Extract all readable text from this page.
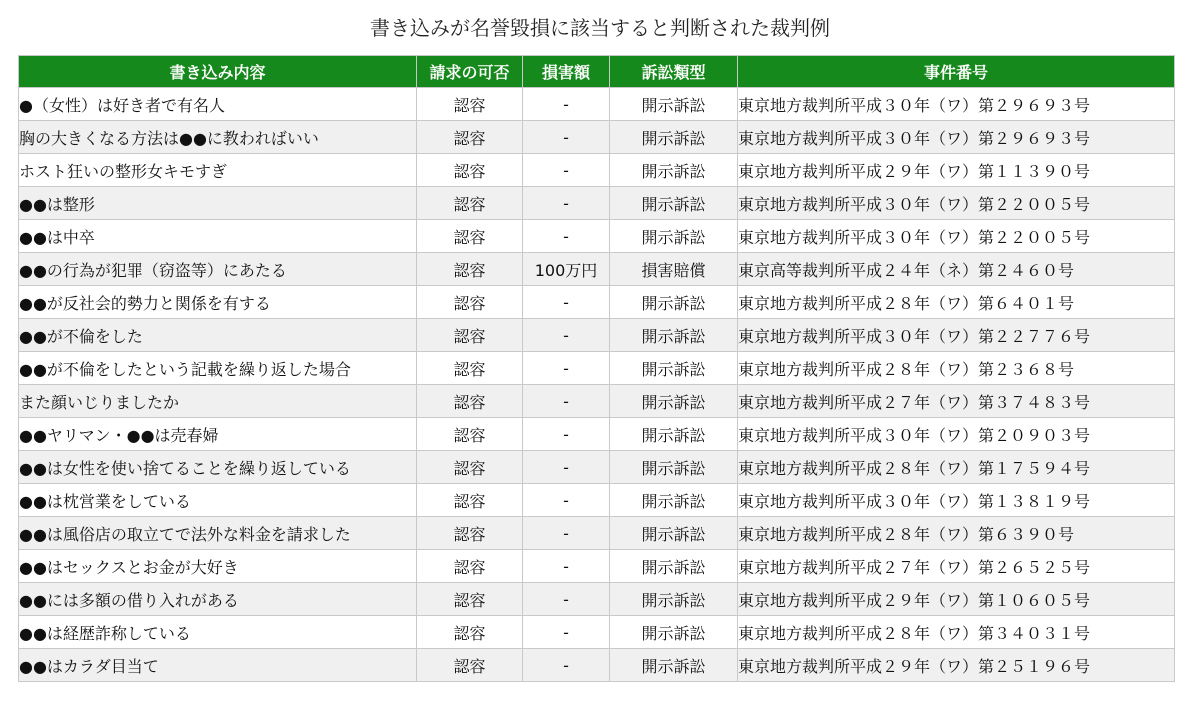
書き込みが名誉毀損に該当すると判断された裁判例
書き込み内容	請求の可否	損害額	訴訟類型	事件番号
●（女性）は好き者で有名人	認容	-	開示訴訟	東京地方裁判所平成３０年（ワ）第２９６９３号
胸の大きくなる方法は●●に教わればいい	認容	-	開示訴訟	東京地方裁判所平成３０年（ワ）第２９６９３号
ホスト狂いの整形女キモすぎ	認容	-	開示訴訟	東京地方裁判所平成２９年（ワ）第１１３９０号
●●は整形	認容	-	開示訴訟	東京地方裁判所平成３０年（ワ）第２２００５号
●●は中卒	認容	-	開示訴訟	東京地方裁判所平成３０年（ワ）第２２００５号
●●の行為が犯罪（窃盗等）にあたる	認容	100万円	損害賠償	東京高等裁判所平成２４年（ネ）第２４６０号
●●が反社会的勢力と関係を有する	認容	-	開示訴訟	東京地方裁判所平成２８年（ワ）第６４０１号
●●が不倫をした	認容	-	開示訴訟	東京地方裁判所平成３０年（ワ）第２２７７６号
●●が不倫をしたという記載を繰り返した場合	認容	-	開示訴訟	東京地方裁判所平成２８年（ワ）第２３６８号
また顔いじりましたか	認容	-	開示訴訟	東京地方裁判所平成２７年（ワ）第３７４８３号
●●ヤリマン・●●は売春婦	認容	-	開示訴訟	東京地方裁判所平成３０年（ワ）第２０９０３号
●●は女性を使い捨てることを繰り返している	認容	-	開示訴訟	東京地方裁判所平成２８年（ワ）第１７５９４号
●●は枕営業をしている	認容	-	開示訴訟	東京地方裁判所平成３０年（ワ）第１３８１９号
●●は風俗店の取立てで法外な料金を請求した	認容	-	開示訴訟	東京地方裁判所平成２８年（ワ）第６３９０号
●●はセックスとお金が大好き	認容	-	開示訴訟	東京地方裁判所平成２７年（ワ）第２６５２５号
●●には多額の借り入れがある	認容	-	開示訴訟	東京地方裁判所平成２９年（ワ）第１０６０５号
●●は経歴詐称している	認容	-	開示訴訟	東京地方裁判所平成２８年（ワ）第３４０３１号
●●はカラダ目当て	認容	-	開示訴訟	東京地方裁判所平成２９年（ワ）第２５１９６号
